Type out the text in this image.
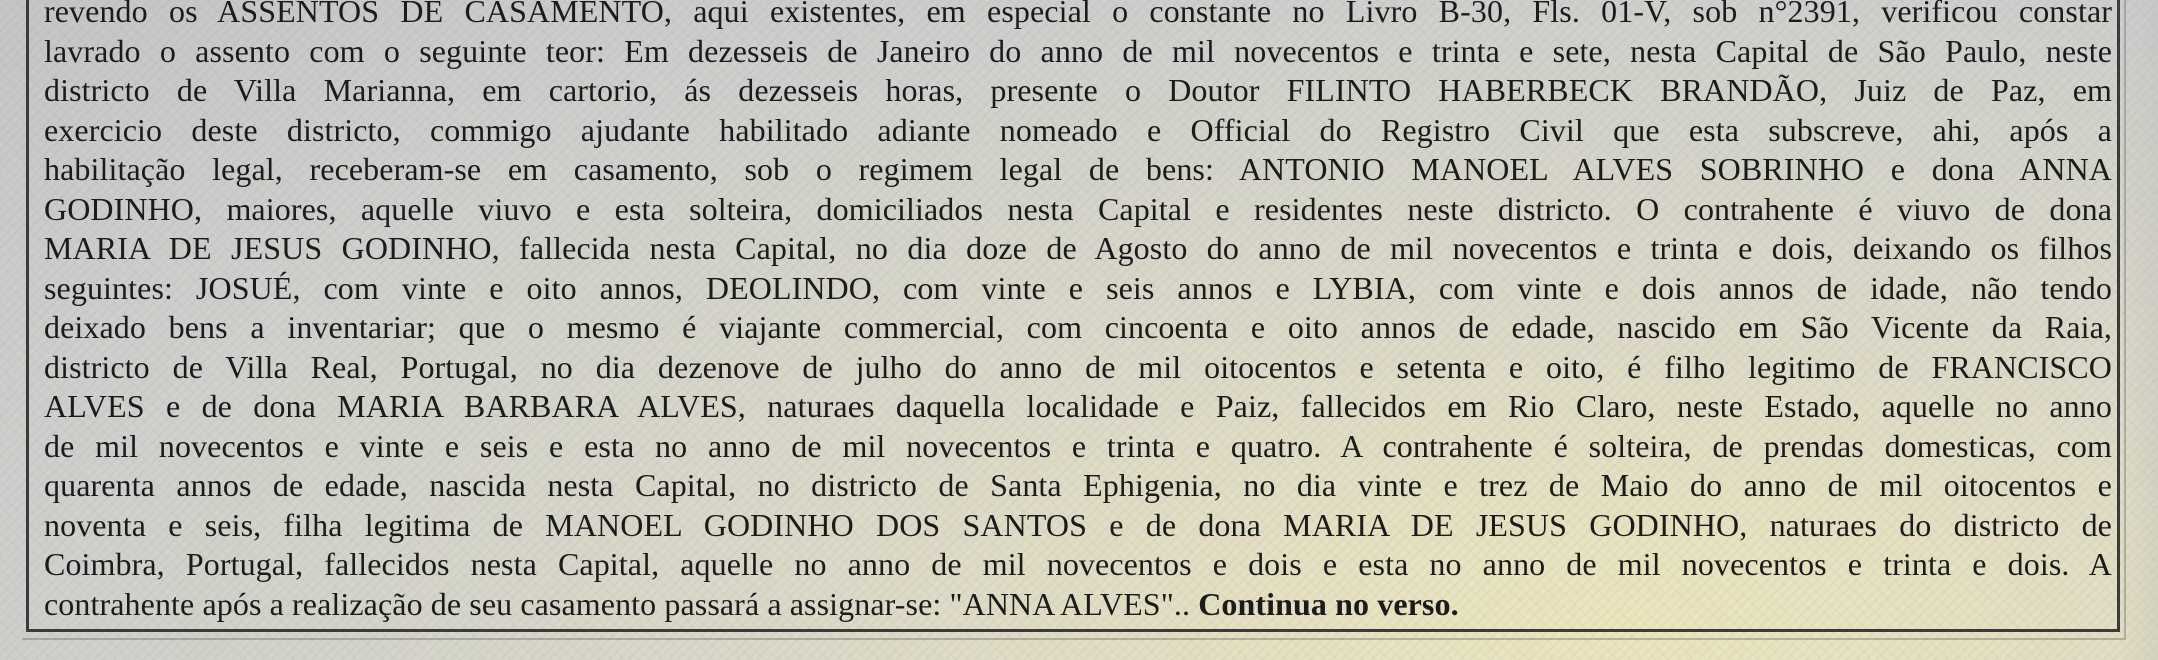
revendo os ASSENTOS DE CASAMENTO, aqui existentes, em especial o constante no Livro B-30, Fls. 01-V, sob n°2391, verificou constar
lavrado o assento com o seguinte teor: Em dezesseis de Janeiro do anno de mil novecentos e trinta e sete, nesta Capital de São Paulo, neste
districto de Villa Marianna, em cartorio, ás dezesseis horas, presente o Doutor FILINTO HABERBECK BRANDÃO, Juiz de Paz, em
exercicio deste districto, commigo ajudante habilitado adiante nomeado e Official do Registro Civil que esta subscreve, ahi, após a
habilitação legal, receberam-se em casamento, sob o regimem legal de bens: ANTONIO MANOEL ALVES SOBRINHO e dona ANNA
GODINHO, maiores, aquelle viuvo e esta solteira, domiciliados nesta Capital e residentes neste districto. O contrahente é viuvo de dona
MARIA DE JESUS GODINHO, fallecida nesta Capital, no dia doze de Agosto do anno de mil novecentos e trinta e dois, deixando os filhos
seguintes: JOSUÉ, com vinte e oito annos, DEOLINDO, com vinte e seis annos e LYBIA, com vinte e dois annos de idade, não tendo
deixado bens a inventariar; que o mesmo é viajante commercial, com cincoenta e oito annos de edade, nascido em São Vicente da Raia,
districto de Villa Real, Portugal, no dia dezenove de julho do anno de mil oitocentos e setenta e oito, é filho legitimo de FRANCISCO
ALVES e de dona MARIA BARBARA ALVES, naturaes daquella localidade e Paiz, fallecidos em Rio Claro, neste Estado, aquelle no anno
de mil novecentos e vinte e seis e esta no anno de mil novecentos e trinta e quatro. A contrahente é solteira, de prendas domesticas, com
quarenta annos de edade, nascida nesta Capital, no districto de Santa Ephigenia, no dia vinte e trez de Maio do anno de mil oitocentos e
noventa e seis, filha legitima de MANOEL GODINHO DOS SANTOS e de dona MARIA DE JESUS GODINHO, naturaes do districto de
Coimbra, Portugal, fallecidos nesta Capital, aquelle no anno de mil novecentos e dois e esta no anno de mil novecentos e trinta e dois. A
contrahente após a realização de seu casamento passará a assignar-se: "ANNA ALVES".. Continua no verso.
